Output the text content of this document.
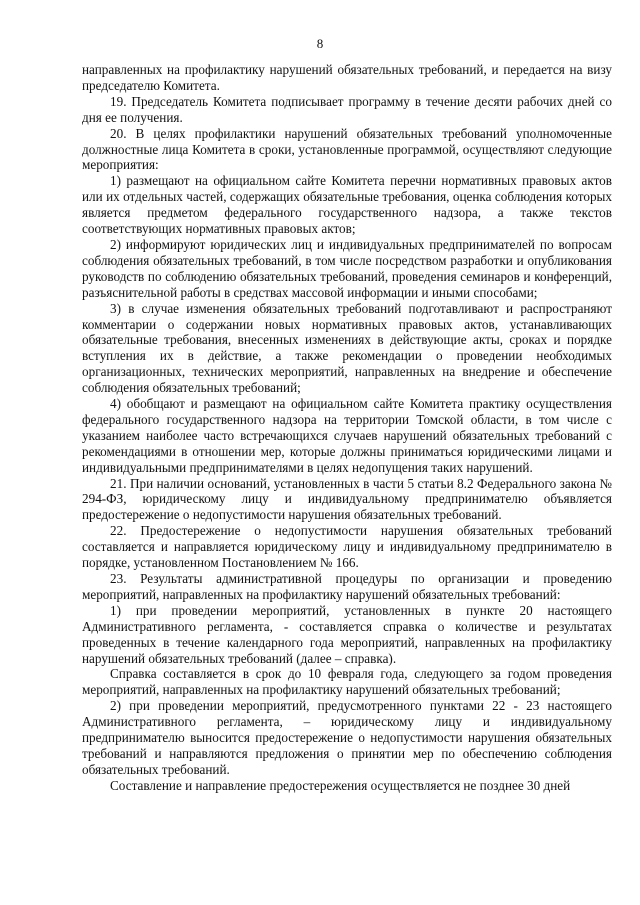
8

направленных на профилактику нарушений обязательных требований, и передается на визу председателю Комитета.

19. Председатель Комитета подписывает программу в течение десяти рабочих дней со дня ее получения.

20. В целях профилактики нарушений обязательных требований уполномоченные должностные лица Комитета в сроки, установленные программой, осуществляют следующие мероприятия:

1) размещают на официальном сайте Комитета перечни нормативных правовых актов или их отдельных частей, содержащих обязательные требования, оценка соблюдения которых является предметом федерального государственного надзора, а также текстов соответствующих нормативных правовых актов;

2) информируют юридических лиц и индивидуальных предпринимателей по вопросам соблюдения обязательных требований, в том числе посредством разработки и опубликования руководств по соблюдению обязательных требований, проведения семинаров и конференций, разъяснительной работы в средствах массовой информации и иными способами;

3) в случае изменения обязательных требований подготавливают и распространяют комментарии о содержании новых нормативных правовых актов, устанавливающих обязательные требования, внесенных изменениях в действующие акты, сроках и порядке вступления их в действие, а также рекомендации о проведении необходимых организационных, технических мероприятий, направленных на внедрение и обеспечение соблюдения обязательных требований;

4) обобщают и размещают на официальном сайте Комитета практику осуществления федерального государственного надзора на территории Томской области, в том числе с указанием наиболее часто встречающихся случаев нарушений обязательных требований с рекомендациями в отношении мер, которые должны приниматься юридическими лицами и индивидуальными предпринимателями в целях недопущения таких нарушений.

21. При наличии оснований, установленных в части 5 статьи 8.2 Федерального закона № 294-ФЗ, юридическому лицу и индивидуальному предпринимателю объявляется предостережение о недопустимости нарушения обязательных требований.

22. Предостережение о недопустимости нарушения обязательных требований составляется и направляется юридическому лицу и индивидуальному предпринимателю в порядке, установленном Постановлением № 166.

23. Результаты административной процедуры по организации и проведению мероприятий, направленных на профилактику нарушений обязательных требований:

1) при проведении мероприятий, установленных в пункте 20 настоящего Административного регламента, - составляется справка о количестве и результатах проведенных в течение календарного года мероприятий, направленных на профилактику нарушений обязательных требований (далее – справка).

Справка составляется в срок до 10 февраля года, следующего за годом проведения мероприятий, направленных на профилактику нарушений обязательных требований;

2) при проведении мероприятий, предусмотренного пунктами 22 - 23 настоящего Административного регламента, – юридическому лицу и индивидуальному предпринимателю выносится предостережение о недопустимости нарушения обязательных требований и направляются предложения о принятии мер по обеспечению соблюдения обязательных требований.

Составление и направление предостережения осуществляется не позднее 30 дней
